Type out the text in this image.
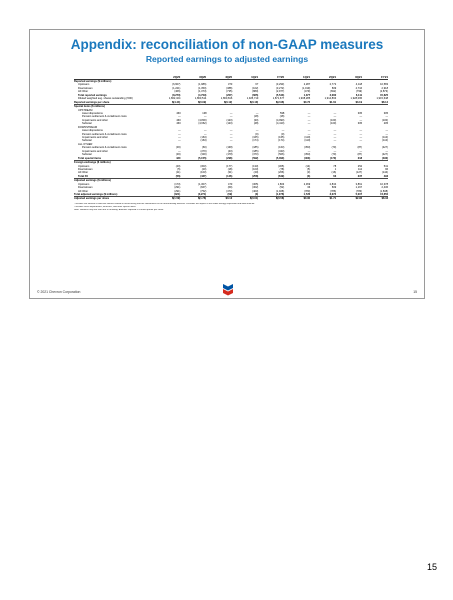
Appendix: reconciliation of non-GAAP measures
Reported earnings to adjusted earnings
2Q20	3Q20	4Q20	1Q21	FY20	1Q21	2Q21	3Q21	FY21
Reported earnings ($ millions)
Upstream	(6,607)	(1,986)	373	67	(3,293)	2,287	2,772	4,118	10,583
Downstream	(1,221)	(1,350)	(388)	(102)	(3,272)	(1,019)	839	4,716	2,918
All Other	(466)	(1,373)	(735)	(880)	(2,977)	(479)	(692)	(799)	(2,873)
Total reported earnings	(8,270)	(4,709)	(207)	(665)	(5,543)	1,377	3,082	6,111	15,625
Diluted weighted avg. shares outstanding ('000)	1,862,324	1,860,514	1,860,816	1,925,719	1,871,677	1,908,285	1,914,893	1,928,095	1,915,648
Reported earnings per share	$(4.44)	$(0.09)	$(0.12)	$(0.10)	$(2.96)	$0.72	$1.61	$3.19	$8.14
Special items ($ millions)
UPSTREAM
Asset dispositions	460	138	—	—	598	—	—	305	305
Pension settlement & curtailment costs	—	—	—	(18)	(18)	—	—	—	—
Impairments and other	460	(4,800)	(120)	(30)	(4,990)	—	(100)	—	(100)
Subtotal	460	(4,662)	(120)	(48)	(4,410)	—	(100)	305	205
DOWNSTREAM
Asset dispositions	—	—	—	—	—	—	—	—	—
Pension settlement & curtailment costs	—	—	—	(9)	(9)	—	—	—	—
Impairments and other	—	(163)	—	(165)	(165)	(110)	—	—	(110)
Subtotal	—	(163)	—	(174)	(174)	(110)	—	—	(110)
ALL OTHER
Pension settlement & curtailment costs	(30)	(60)	(138)	(185)	(163)	(353)	(70)	(87)	(427)
Impairments and other	—	(270)	(40)	(185)	(343)	—	—	—	—
Subtotal	(30)	(330)	(178)	(370)	(506)	(353)	(70)	(87)	(427)
Total special items	430	(5,155)	(298)	(592)	(5,090)	(463)	(170)	218	(332)
Foreign exchange ($ millions)
Upstream	(40)	(303)	(177)	(133)	(305)	(14)	78	252	541
Downstream	(5)	(20)	(18)	(103)	(78)	(5)	1	112	96
All Other	(11)	(103)	(31)	(40)	(266)	(3)	(16)	(127)	(144)
Total FX	(56)	(427)	(146)	(258)	(649)	(3)	63	237	493
Adjusted earnings ($ millions)
Upstream	(173)	(1,307)	473	(305)	1,803	2,369	2,834	3,861	10,378
Downstream	(291)	(667)	(69)	(302)	(52)	36	839	1,167	2,436
All Other	(291)	(752)	(473)	(403)	(1,928)	(780)	(786)	(783)	(1,838)
Total adjusted earnings ($ millions)	(321)	(3,271)	(69)	(3)	(1,076)	1,726	3,073	5,037	15,650
Adjusted earnings per share	$(1.59)	$(1.76)	$0.12	$(0.01)	$(0.58)	$0.90	$1.71	$2.96	$8.33
¹ Includes the amount of after-tax interest related to restructuring and tax settlements net of noncontrolling interests. Excludes the impact of the Noble Energy acquisition and debt write-off.
² Includes asset impairments, write-offs, and other special items.
Note: Numbers may not sum due to rounding. Amounts reported in current quarter per share.
© 2021 Chevron Corporation	15
15
